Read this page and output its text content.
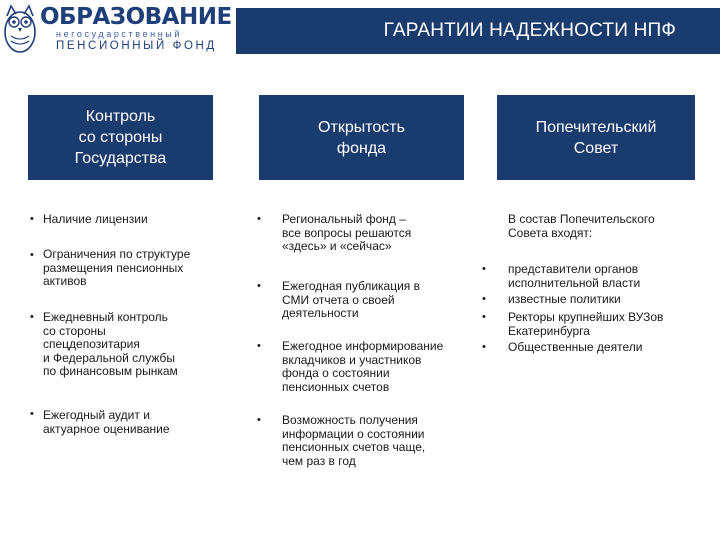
ОБРАЗОВАНИЕ
негосударственный
ПЕНСИОННЫЙ ФОНД
ГАРАНТИИ НАДЕЖНОСТИ НПФ
Контроль
со стороны
Государства
Открытость
фонда
Попечительский
Совет
• Наличие лицензии
• Ограничения по структуре
размещения пенсионных
активов
• Ежедневный контроль
со стороны
спецдепозитария
и Федеральной службы
по финансовым рынкам
• Ежегодный аудит и
актуарное оценивание
• Региональный фонд –
все вопросы решаются
«здесь» и «сейчас»
• Ежегодная публикация в
СМИ отчета о своей
деятельности
• Ежегодное информирование
вкладчиков и участников
фонда о состоянии
пенсионных счетов
• Возможность получения
информации о состоянии
пенсионных счетов чаще,
чем раз в год
В состав Попечительского
Совета входят:
• представители органов
исполнительной власти
• известные политики
• Ректоры крупнейших ВУЗов
Екатеринбурга
• Общественные деятели
